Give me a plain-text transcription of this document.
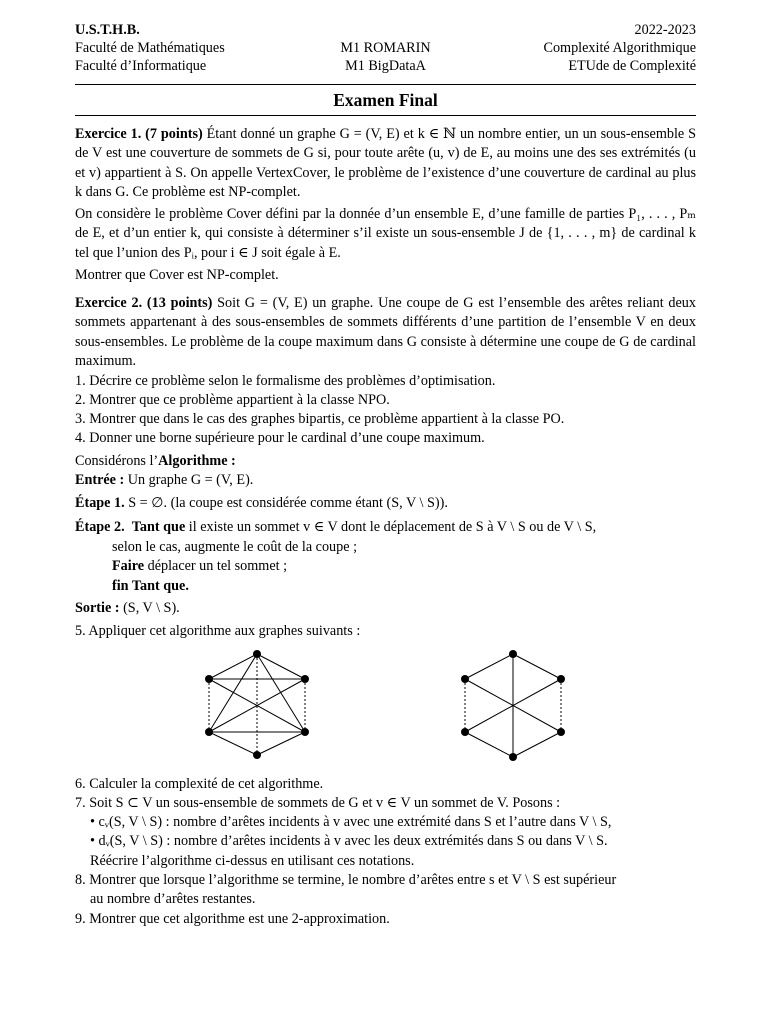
U.S.T.H.B.
Faculté de Mathématiques
Faculté d’Informatique

M1 ROMARIN
M1 BigDataA
2022-2023
Complexité Algorithmique
ETUde de Complexité
Examen Final
Exercice 1. (7 points) Étant donné un graphe G = (V, E) et k ∈ ℕ un nombre entier, un un sous-ensemble S de V est une couverture de sommets de G si, pour toute arête (u, v) de E, au moins une des ses extrémités (u et v) appartient à S. On appelle VertexCover, le problème de l’existence d’une couverture de cardinal au plus k dans G. Ce problème est NP-complet.
On considère le problème Cover défini par la donnée d’un ensemble E, d’une famille de parties P₁, . . . , Pₘ de E, et d’un entier k, qui consiste à déterminer s’il existe un sous-ensemble J de {1, . . . , m} de cardinal k tel que l’union des Pᵢ, pour i ∈ J soit égale à E.
Montrer que Cover est NP-complet.
Exercice 2. (13 points) Soit G = (V, E) un graphe. Une coupe de G est l’ensemble des arêtes reliant deux sommets appartenant à des sous-ensembles de sommets différents d’une partition de l’ensemble V en deux sous-ensembles. Le problème de la coupe maximum dans G consiste à détermine une coupe de G de cardinal maximum.
1. Décrire ce problème selon le formalisme des problèmes d’optimisation.
2. Montrer que ce problème appartient à la classe NPO.
3. Montrer que dans le cas des graphes bipartis, ce problème appartient à la classe PO.
4. Donner une borne supérieure pour le cardinal d’une coupe maximum.
Considérons l’Algorithme :
Entrée : Un graphe G = (V, E).
Étape 1. S = ∅. (la coupe est considérée comme étant (S, V \ S)).
Étape 2. Tant que il existe un sommet v ∈ V dont le déplacement de S à V \ S ou de V \ S,
selon le cas, augmente le coût de la coupe ;
Faire déplacer un tel sommet ;
fin Tant que.
Sortie : (S, V \ S).
5. Appliquer cet algorithme aux graphes suivants :
6. Calculer la complexité de cet algorithme.
7. Soit S ⊂ V un sous-ensemble de sommets de G et v ∈ V un sommet de V. Posons :
• cᵥ(S, V \ S) : nombre d’arêtes incidents à v avec une extrémité dans S et l’autre dans V \ S,
• dᵥ(S, V \ S) : nombre d’arêtes incidents à v avec les deux extrémités dans S ou dans V \ S.
Réécrire l’algorithme ci-dessus en utilisant ces notations.
8. Montrer que lorsque l’algorithme se termine, le nombre d’arêtes entre s et V \ S est supérieur
au nombre d’arêtes restantes.
9. Montrer que cet algorithme est une 2-approximation.
